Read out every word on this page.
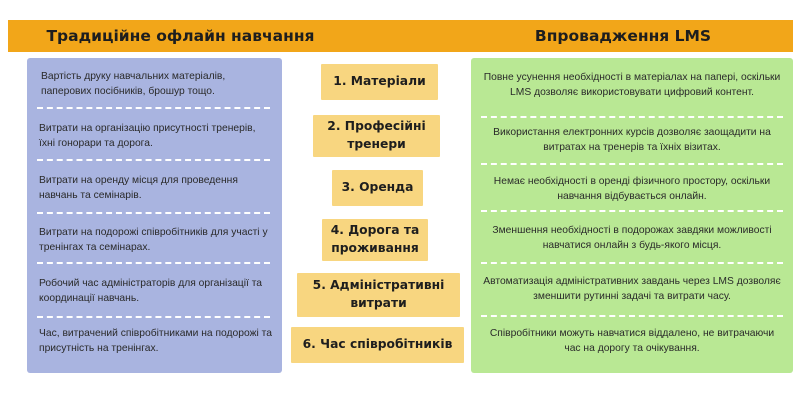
Традиційне офлайн навчання	Впровадження LMS
Вартість друку навчальних матеріалів, паперових посібників, брошур тощо.
Витрати на організацію присутності тренерів, їхні гонорари та дорога.
Витрати на оренду місця для проведення навчань та семінарів.
Витрати на подорожі співробітників для участі у тренінгах та семінарах.
Робочий час адміністраторів для організації та координації навчань.
Час, витрачений співробітниками на подорожі та присутність на тренінгах.
1. Матеріали
2. Професійні тренери
3. Оренда
4. Дорога та проживання
5. Адміністративні витрати
6. Час співробітників
Повне усунення необхідності в матеріалах на папері, оскільки LMS дозволяє використовувати цифровий контент.
Використання електронних курсів дозволяє заощадити на витратах на тренерів та їхніх візитах.
Немає необхідності в оренді фізичного простору, оскільки навчання відбувається онлайн.
Зменшення необхідності в подорожах завдяки можливості навчатися онлайн з будь-якого місця.
Автоматизація адміністративних завдань через LMS дозволяє зменшити рутинні задачі та витрати часу.
Співробітники можуть навчатися віддалено, не витрачаючи час на дорогу та очікування.
